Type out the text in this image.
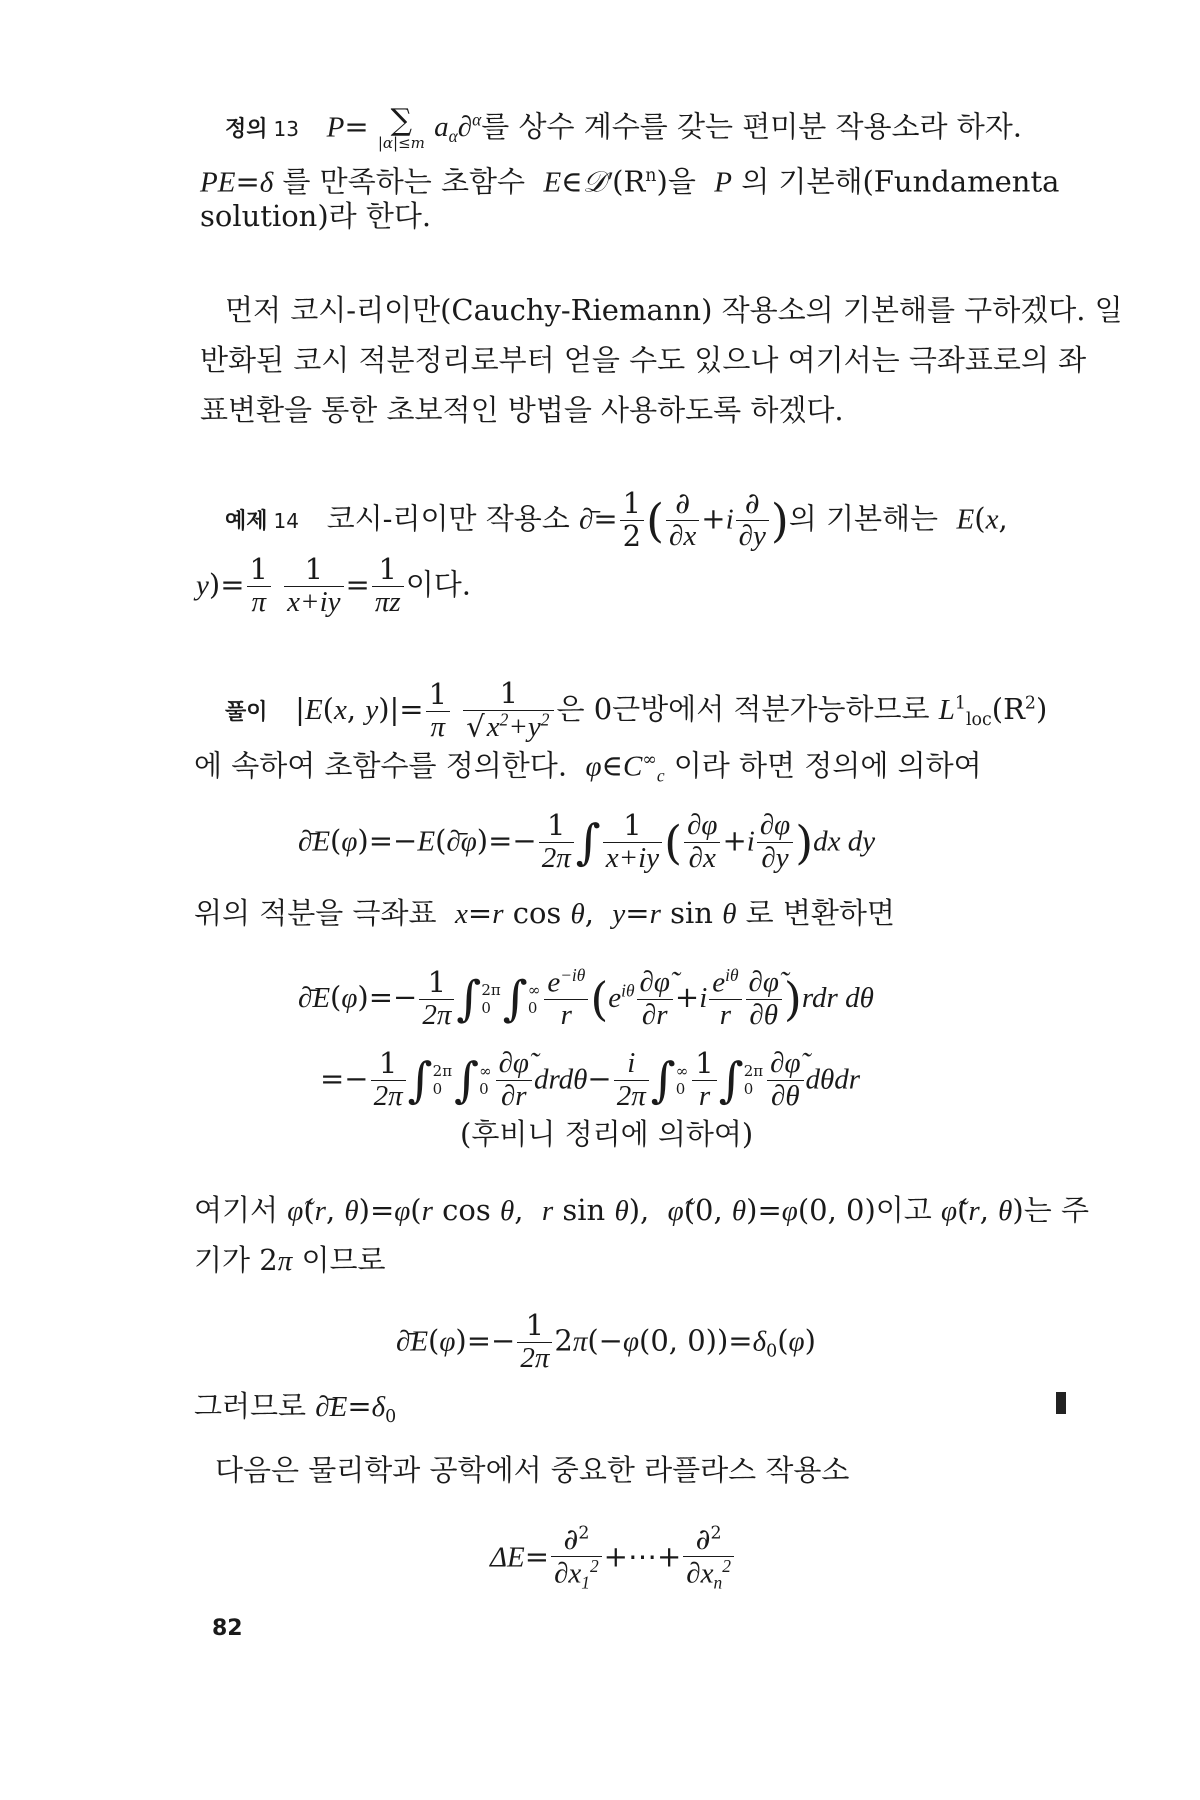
정의 13 P= ∑
|α|≤m $a_\alpha\partial^\alpha$를 상수 계수를 갖는 편미분 작용소라 하자.
PE=δ 를 만족하는 초함수 $E\in 𝒟'(R^n)$을  P 의 기본해(Fundamenta
solution)라 한다.
먼저 코시-리이만(Cauchy-Riemann) 작용소의 기본해를 구하겠다. 일
반화된 코시 적분정리로부터 얻을 수도 있으나 여기서는 극좌표로의 좌
표변환을 통한 초보적인 방법을 사용하도록 하겠다.
예제 14 코시-리이만 작용소 ∂̄= $\frac{1}{2}$ ( $\frac{\partial}{\partial x} +i \frac{\partial}{\partial y}$ )의 기본해는 E(x,
$y)= \frac{1}{\pi}$
$\frac{1}{x+iy} = \frac{1}{\pi z}$ 이다.
풀이   |E(x, $y)|= \frac{1}{\pi}$
$\frac{1}{√x^2+y^2}$ 은 0근방에서 적분가능하므로 $L^1_{loc}(R^2)$
에 속하여 초함수를 정의한다. $\varphi\in C^\infty_c$ 이라 하면 정의에 의하여
∂̄E(φ)=−E(∂̄φ)=− $\frac{1}{2\pi}$ ∫ $\frac{1}{x+iy}$ ( $\frac{\partial\varphi}{\partial x} +i \frac{\partial\varphi}{\partial y} )dx$ dy
위의 적분을 극좌표 x=r cos θ,  y=r sin θ 로 변환하면
∂̄E(φ)=− $\frac{1}{2\pi}$ ∫ 2π
0 ∫ ∞
$0 \frac{e^{-i\theta}}{r} (e^{i\theta} \frac{\partial\varphĩ}{\partial r} +i \frac{e^{i\theta}}{r} \frac{\partial\varphĩ}{\partial\theta} )rdr$ dθ
=− $\frac{1}{2\pi}$ ∫ 2π
0 ∫ ∞
$0 \frac{\partial\varphĩ}{\partial r} drd\theta- \frac{i}{2\pi}$ ∫ ∞
$0 \frac{1}{r}$ ∫ 2π
$0 \frac{\partial\varphĩ}{\partial\theta}$ dθdr
(후비니 정리에 의하여)
여기서 φ̃(r, θ)=φ(r cos θ,  r sin θ),  φ̃(0, θ)=φ(0, 0)이고 φ̃(r, θ)는 주
기가 2π 이므로
∂̄E(φ)=− $\frac{1}{2\pi} 2\pi(-\varphi(0$, $0))=\delta_0(\varphi)$
그러므로 $\partial̄E=\delta_0$
다음은 물리학과 공학에서 중요한 라플라스 작용소
$\Delta E= \frac{\partial^2}{\partial x_1^2}$ +⋯+ $\frac{\partial^2}{\partial x_n^2}$
82
